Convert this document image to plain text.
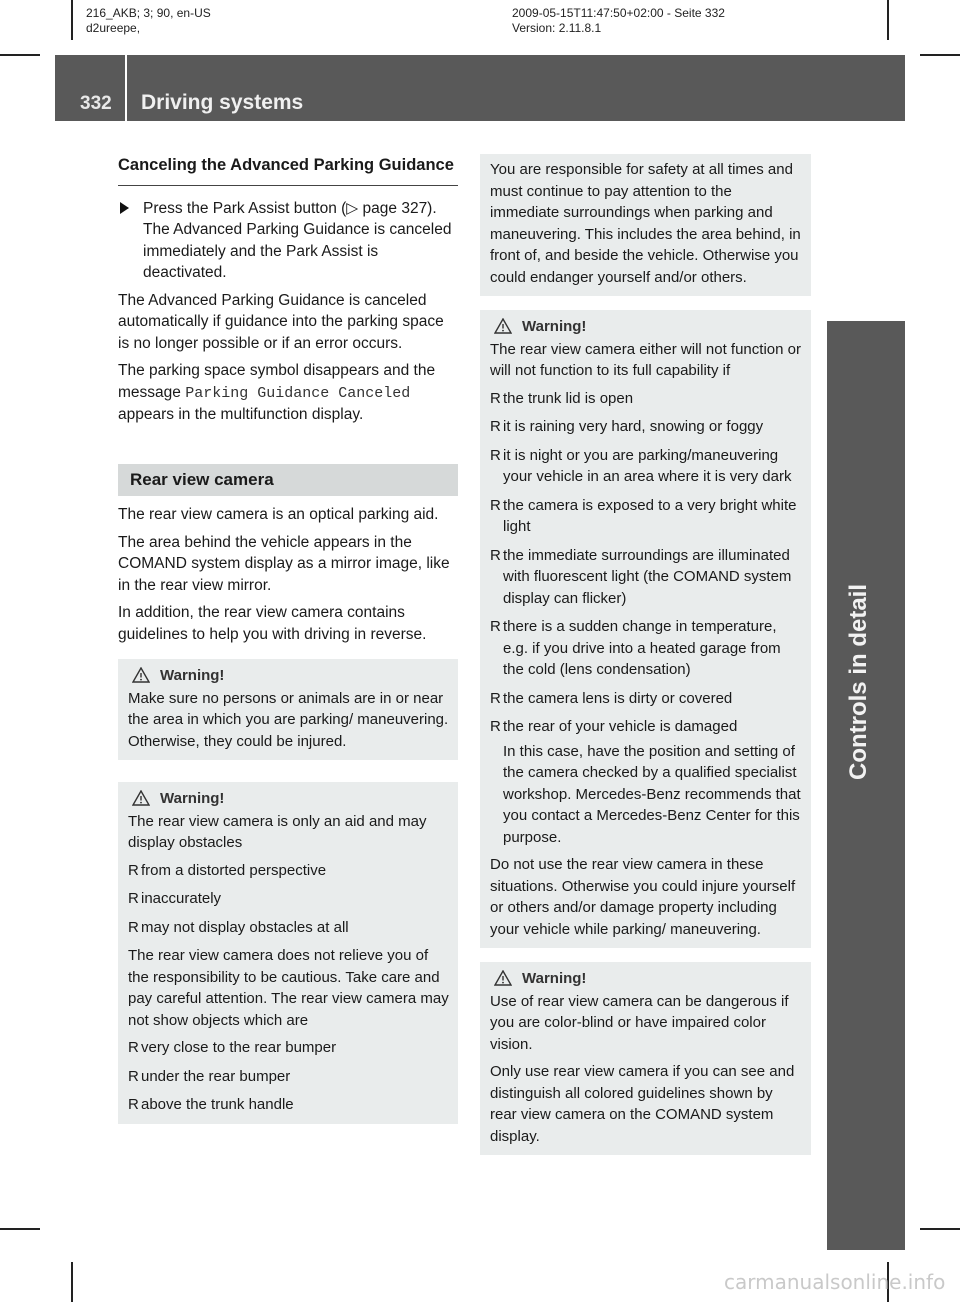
216_AKB; 3; 90, en-US
d2ureepe,
2009-05-15T11:47:50+02:00 - Seite 332
Version: 2.11.8.1
332 Driving systems
Controls in detail
Canceling the Advanced Parking Guidance
Press the Park Assist button (▷ page 327). The Advanced Parking Guidance is canceled immediately and the Park Assist is deactivated.

The Advanced Parking Guidance is canceled automatically if guidance into the parking space is no longer possible or if an error occurs.

The parking space symbol disappears and the message Parking Guidance Canceled appears in the multifunction display.

Rear view camera

The rear view camera is an optical parking aid.

The area behind the vehicle appears in the COMAND system display as a mirror image, like in the rear view mirror.

In addition, the rear view camera contains guidelines to help you with driving in reverse.

Warning!

Make sure no persons or animals are in or near the area in which you are parking/ maneuvering. Otherwise, they could be injured.

Warning!

The rear view camera is only an aid and may display obstacles

R from a distorted perspective
R inaccurately
R may not display obstacles at all

The rear view camera does not relieve you of the responsibility to be cautious. Take care and pay careful attention. The rear view camera may not show objects which are

R very close to the rear bumper
R under the rear bumper
R above the trunk handle

You are responsible for safety at all times and must continue to pay attention to the immediate surroundings when parking and maneuvering. This includes the area behind, in front of, and beside the vehicle. Otherwise you could endanger yourself and/or others.

Warning!

The rear view camera either will not function or will not function to its full capability if

R the trunk lid is open
R it is raining very hard, snowing or foggy
R it is night or you are parking/maneuvering your vehicle in an area where it is very dark
R the camera is exposed to a very bright white light
R the immediate surroundings are illuminated with fluorescent light (the COMAND system display can flicker)
R there is a sudden change in temperature, e.g. if you drive into a heated garage from the cold (lens condensation)
R the camera lens is dirty or covered
R the rear of your vehicle is damaged

In this case, have the position and setting of the camera checked by a qualified specialist workshop. Mercedes-Benz recommends that you contact a Mercedes-Benz Center for this purpose.

Do not use the rear view camera in these situations. Otherwise you could injure yourself or others and/or damage property including your vehicle while parking/ maneuvering.

Warning!

Use of rear view camera can be dangerous if you are color-blind or have impaired color vision.

Only use rear view camera if you can see and distinguish all colored guidelines shown by rear view camera on the COMAND system display.

carmanualsonline.info
